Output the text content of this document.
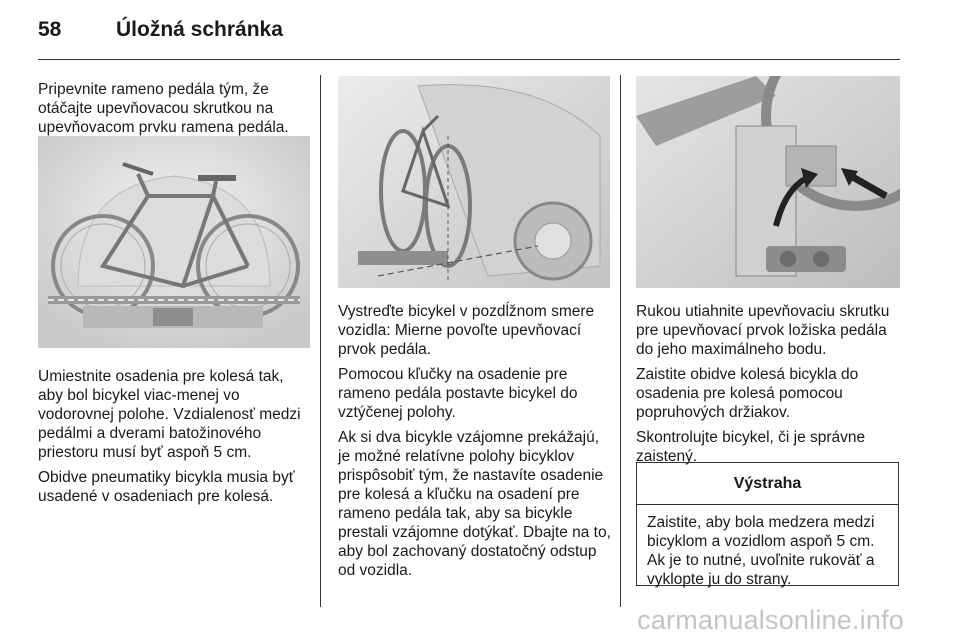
58	Úložná schránka

Pripevnite rameno pedála tým, že otáčajte upevňovacou skrutkou na upevňovacom prvku ramena pedála.

Umiestnite osadenia pre kolesá tak, aby bol bicykel viac-menej vo vodorovnej polohe. Vzdialenosť medzi pedálmi a dverami batožinového priestoru musí byť aspoň 5 cm.

Obidve pneumatiky bicykla musia byť usadené v osadeniach pre kolesá.

Vystreďte bicykel v pozdĺžnom smere vozidla: Mierne povoľte upevňovací prvok pedála.

Pomocou kľučky na osadenie pre rameno pedála postavte bicykel do vztýčenej polohy.

Ak si dva bicykle vzájomne prekážajú, je možné relatívne polohy bicyklov prispôsobiť tým, že nastavíte osadenie pre kolesá a kľučku na osadení pre rameno pedála tak, aby sa bicykle prestali vzájomne dotýkať. Dbajte na to, aby bol zachovaný dostatočný odstup od vozidla.

Rukou utiahnite upevňovaciu skrutku pre upevňovací prvok ložiska pedála do jeho maximálneho bodu.

Zaistite obidve kolesá bicykla do osadenia pre kolesá pomocou popruhových držiakov.

Skontrolujte bicykel, či je správne zaistený.

Výstraha
Zaistite, aby bola medzera medzi bicyklom a vozidlom aspoň 5 cm. Ak je to nutné, uvoľnite rukoväť a vyklopte ju do strany.
carmanualsonline.info
